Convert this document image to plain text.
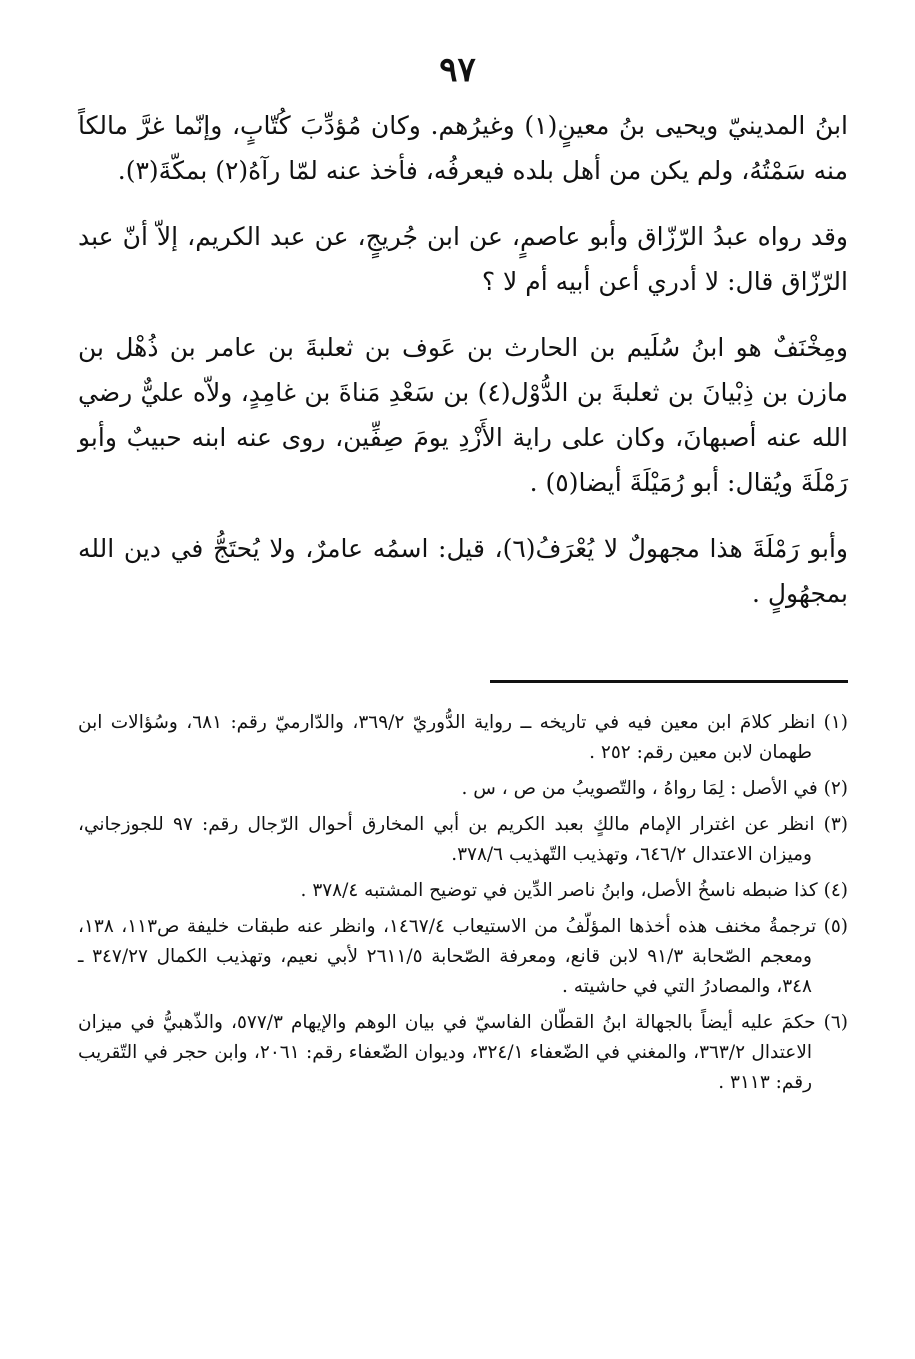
٩٧

ابنُ المدينيّ ويحيى بنُ معينٍ(١) وغيرُهم. وكان مُؤدِّبَ كُتّابٍ، وإنّما غرَّ مالكاً منه سَمْتُهُ، ولم يكن من أهل بلده فيعرفُه، فأخذ عنه لمّا رآهُ(٢) بمكّةَ(٣).

وقد رواه عبدُ الرّزّاق وأبو عاصمٍ، عن ابن جُريجٍ، عن عبد الكريم، إلاّ أنّ عبد الرّزّاق قال: لا أدري أعن أبيه أم لا ؟

ومِخْنَفٌ هو ابنُ سُلَيم بن الحارث بن عَوف بن ثعلبةَ بن عامر بن ذُهْل بن مازن بن ذِبْيانَ بن ثعلبةَ بن الدُّوْل(٤) بن سَعْدِ مَناةَ بن غامِدٍ، ولاّه عليٌّ رضي الله عنه أصبهانَ، وكان على راية الأَزْدِ يومَ صِفِّين، روى عنه ابنه حبيبٌ وأبو رَمْلَةَ ويُقال: أبو رُمَيْلَةَ أيضا(٥) .

وأبو رَمْلَةَ هذا مجهولٌ لا يُعْرَفُ(٦)، قيل: اسمُه عامرٌ، ولا يُحتَجُّ في دين الله بمجهُولٍ .

(١) انظر كلامَ ابن معين فيه في تاريخه ــ رواية الدُّوريّ ٣٦٩/٢، والدّارميّ رقم: ٦٨١، وسُؤالات ابن طهمان لابن معين رقم: ٢٥٢ .

(٢) في الأصل : لِمَا رواهُ ، والتّصويبُ من ص ، س .

(٣) انظر عن اغترار الإمام مالكٍ بعبد الكريم بن أبي المخارق أحوال الرّجال رقم: ٩٧ للجوزجاني، وميزان الاعتدال ٦٤٦/٢، وتهذيب التّهذيب ٣٧٨/٦.

(٤) كذا ضبطه ناسخُ الأصل، وابنُ ناصر الدِّين في توضيح المشتبه ٣٧٨/٤ .

(٥) ترجمةُ مخنف هذه أخذها المؤلّفُ من الاستيعاب ١٤٦٧/٤، وانظر عنه طبقات خليفة ص١١٣، ١٣٨، ومعجم الصّحابة ٩١/٣ لابن قانع، ومعرفة الصّحابة ٢٦١١/٥ لأبي نعيم، وتهذيب الكمال ٣٤٧/٢٧ ـ ٣٤٨، والمصادرُ التي في حاشيته .

(٦) حكمَ عليه أيضاً بالجهالة ابنُ القطّان الفاسيّ في بيان الوهم والإيهام ٥٧٧/٣، والذّهبيُّ في ميزان الاعتدال ٣٦٣/٢، والمغني في الضّعفاء ٣٢٤/١، وديوان الضّعفاء رقم: ٢٠٦١، وابن حجر في التّقريب رقم: ٣١١٣ .
